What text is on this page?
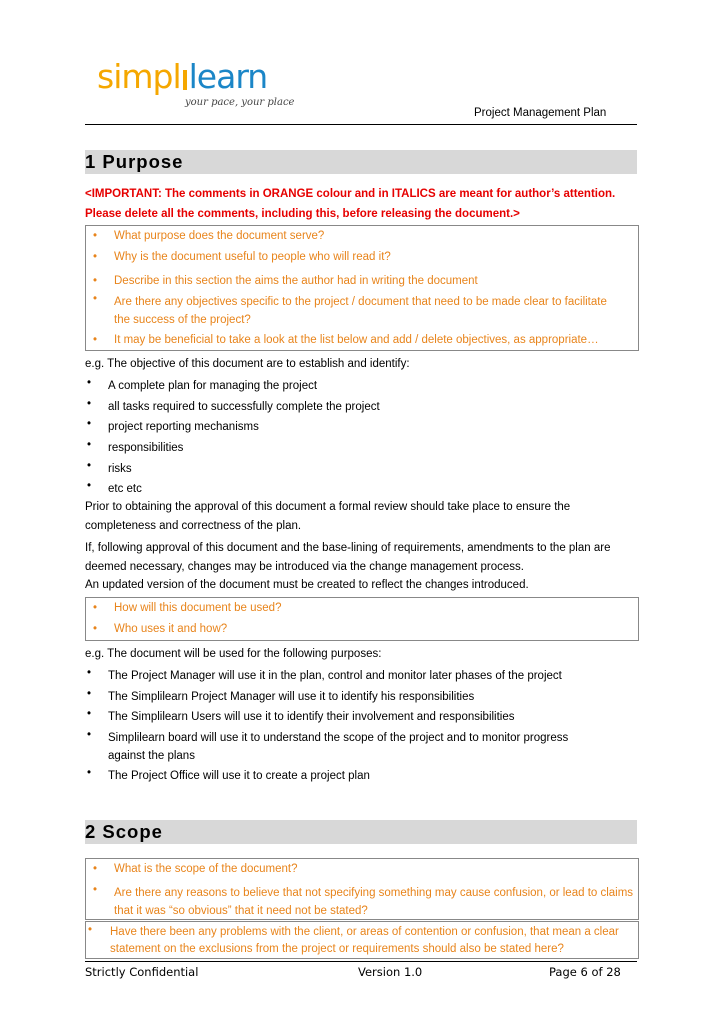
simpl learn
your pace, your place
Project Management Plan
1 Purpose
<IMPORTANT: The comments in ORANGE colour and in ITALICS are meant for author’s attention. Please delete all the comments, including this, before releasing the document.>
• What purpose does the document serve?
• Why is the document useful to people who will read it?
• Describe in this section the aims the author had in writing the document
• Are there any objectives specific to the project / document that need to be made clear to facilitate the success of the project?
• It may be beneficial to take a look at the list below and add / delete objectives, as appropriate…
e.g. The objective of this document are to establish and identify:
• A complete plan for managing the project
• all tasks required to successfully complete the project
• project reporting mechanisms
• responsibilities
• risks
• etc etc
Prior to obtaining the approval of this document a formal review should take place to ensure the completeness and correctness of the plan.
If, following approval of this document and the base-lining of requirements, amendments to the plan are deemed necessary, changes may be introduced via the change management process.
An updated version of the document must be created to reflect the changes introduced.
• How will this document be used?
• Who uses it and how?
e.g. The document will be used for the following purposes:
• The Project Manager will use it in the plan, control and monitor later phases of the project
• The Simplilearn Project Manager will use it to identify his responsibilities
• The Simplilearn Users will use it to identify their involvement and responsibilities
• Simplilearn board will use it to understand the scope of the project and to monitor progress against the plans
• The Project Office will use it to create a project plan
2 Scope
• What is the scope of the document?
• Are there any reasons to believe that not specifying something may cause confusion, or lead to claims that it was “so obvious” that it need not be stated?
• Have there been any problems with the client, or areas of contention or confusion, that mean a clear statement on the exclusions from the project or requirements should also be stated here?
Strictly Confidential	Version 1.0	Page 6 of 28
